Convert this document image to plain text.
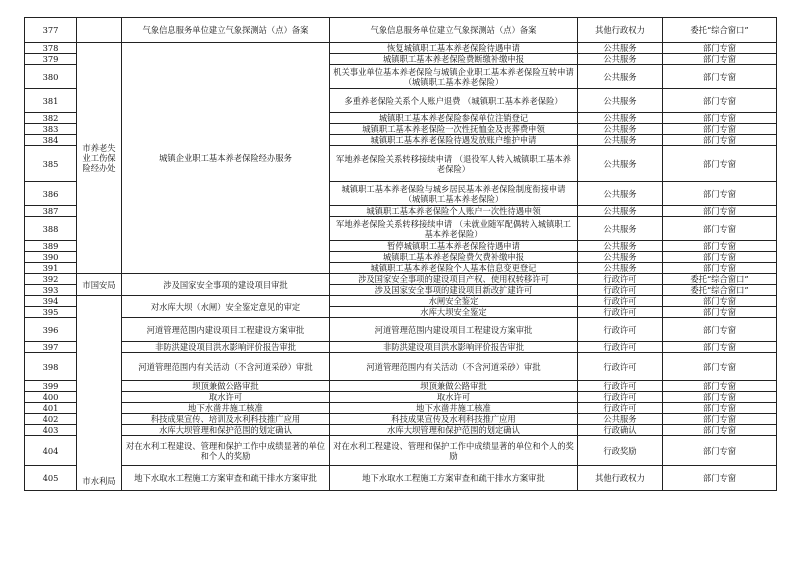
377		气象信息服务单位建立气象探测站（点）备案	气象信息服务单位建立气象探测站（点）备案	其他行政权力	委托“综合窗口”
378	市养老失业工伤保险经办处	城镇企业职工基本养老保险经办服务	恢复城镇职工基本养老保险待遇申请	公共服务	部门专窗
379			城镇职工基本养老保险费断缴补缴申报	公共服务	部门专窗
380			机关事业单位基本养老保险与城镇企业职工基本养老保险互转申请 （城镇职工基本养老保险）	公共服务	部门专窗
381			多重养老保险关系个人账户退费 （城镇职工基本养老保险）	公共服务	部门专窗
382			城镇职工基本养老保险参保单位注销登记	公共服务	部门专窗
383			城镇职工基本养老保险一次性抚恤金及丧葬费申领	公共服务	部门专窗
384			城镇职工基本养老保险待遇发放账户维护申请	公共服务	部门专窗
385			军地养老保险关系转移接续申请 （退役军人转入城镇职工基本养老保险）	公共服务	部门专窗
386			城镇职工基本养老保险与城乡居民基本养老保险制度衔接申请 （城镇职工基本养老保险）	公共服务	部门专窗
387			城镇职工基本养老保险个人账户一次性待遇申领	公共服务	部门专窗
388			军地养老保险关系转移接续申请 （未就业随军配偶转入城镇职工基本养老保险）	公共服务	部门专窗
389			暂停城镇职工基本养老保险待遇申请	公共服务	部门专窗
390			城镇职工基本养老保险费欠费补缴申报	公共服务	部门专窗
391			城镇职工基本养老保险个人基本信息变更登记	公共服务	部门专窗
392	市国安局	涉及国家安全事项的建设项目审批	涉及国家安全事项的建设项目产权、使用权转移许可	行政许可	委托“综合窗口”
393			涉及国家安全事项的建设项目新改扩建许可	行政许可	委托“综合窗口”
394	市水利局	对水库大坝（水闸）安全鉴定意见的审定	水闸安全鉴定	行政许可	部门专窗
395			水库大坝安全鉴定	行政许可	部门专窗
396		河道管理范围内建设项目工程建设方案审批	河道管理范围内建设项目工程建设方案审批	行政许可	部门专窗
397		非防洪建设项目洪水影响评价报告审批	非防洪建设项目洪水影响评价报告审批	行政许可	部门专窗
398		河道管理范围内有关活动（不含河道采砂）审批	河道管理范围内有关活动（不含河道采砂）审批	行政许可	部门专窗
399		坝顶兼做公路审批	坝顶兼做公路审批	行政许可	部门专窗
400		取水许可	取水许可	行政许可	部门专窗
401		地下水凿井施工核准	地下水凿井施工核准	行政许可	部门专窗
402		科技成果宣传、培训及水利科技推广应用	科技成果宣传及水利科技推广应用	公共服务	部门专窗
403		水库大坝管理和保护范围的划定确认	水库大坝管理和保护范围的划定确认	行政确认	部门专窗
404		对在水利工程建设、管理和保护工作中成绩显著的单位和个人的奖励	对在水利工程建设、管理和保护工作中成绩显著的单位和个人的奖励	行政奖励	部门专窗
405		地下水取水工程施工方案审查和疏干排水方案审批	地下水取水工程施工方案审查和疏干排水方案审批	其他行政权力	部门专窗
